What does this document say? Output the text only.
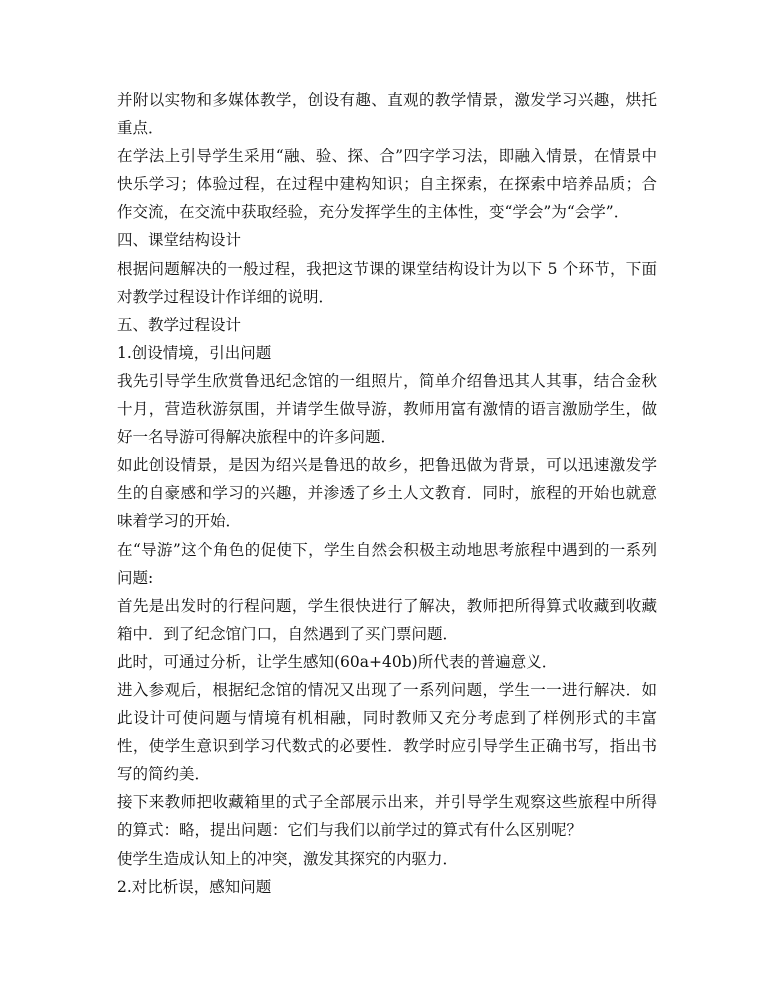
并附以实物和多媒体教学，创设有趣、直观的教学情景，激发学习兴趣，烘托
重点．
在学法上引导学生采用“融、验、探、合”四字学习法，即融入情景，在情景中
快乐学习；体验过程，在过程中建构知识；自主探索，在探索中培养品质；合
作交流，在交流中获取经验，充分发挥学生的主体性，变“学会”为“会学”．
四、课堂结构设计
根据问题解决的一般过程，我把这节课的课堂结构设计为以下 5 个环节，下面
对教学过程设计作详细的说明．
五、教学过程设计
1.创设情境，引出问题
我先引导学生欣赏鲁迅纪念馆的一组照片，简单介绍鲁迅其人其事，结合金秋
十月，营造秋游氛围，并请学生做导游，教师用富有激情的语言激励学生，做
好一名导游可得解决旅程中的许多问题．
如此创设情景，是因为绍兴是鲁迅的故乡，把鲁迅做为背景，可以迅速激发学
生的自豪感和学习的兴趣，并渗透了乡土人文教育．同时，旅程的开始也就意
味着学习的开始．
在“导游”这个角色的促使下，学生自然会积极主动地思考旅程中遇到的一系列
问题:
首先是出发时的行程问题，学生很快进行了解决，教师把所得算式收藏到收藏
箱中．到了纪念馆门口，自然遇到了买门票问题．
此时，可通过分析，让学生感知(60a+40b)所代表的普遍意义．
进入参观后，根据纪念馆的情况又出现了一系列问题，学生一一进行解决．如
此设计可使问题与情境有机相融，同时教师又充分考虑到了样例形式的丰富
性，使学生意识到学习代数式的必要性．教学时应引导学生正确书写，指出书
写的简约美．
接下来教师把收藏箱里的式子全部展示出来，并引导学生观察这些旅程中所得
的算式：略，提出问题：它们与我们以前学过的算式有什么区别呢？
使学生造成认知上的冲突，激发其探究的内驱力．
2.对比析误，感知问题
